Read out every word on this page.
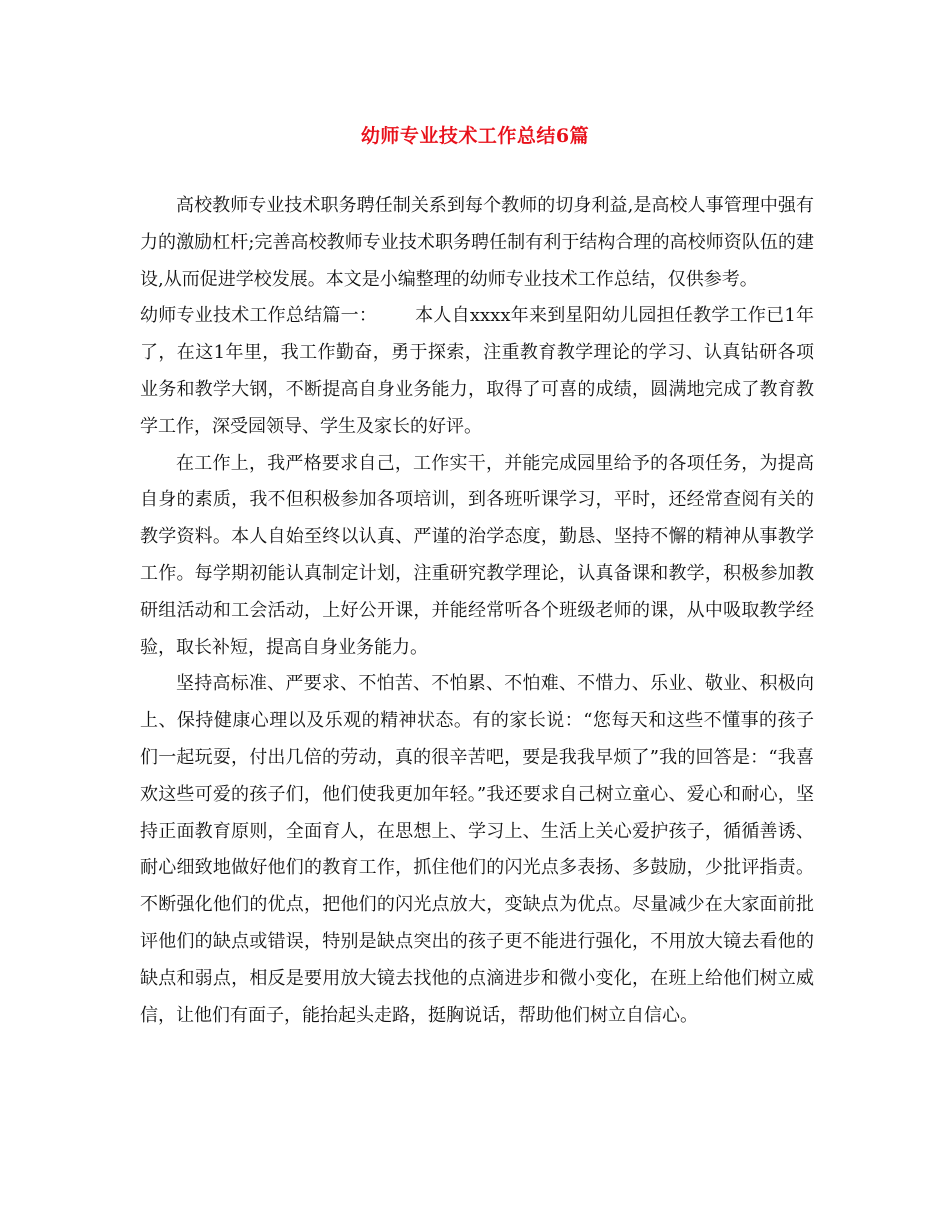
幼师专业技术工作总结6篇

高校教师专业技术职务聘任制关系到每个教师的切身利益,是高校人事管理中强有力的激励杠杆;完善高校教师专业技术职务聘任制有利于结构合理的高校师资队伍的建设,从而促进学校发展。本文是小编整理的幼师专业技术工作总结，仅供参考。

幼师专业技术工作总结篇一： 本人自xxxx年来到星阳幼儿园担任教学工作已1年了，在这1年里，我工作勤奋，勇于探索，注重教育教学理论的学习、认真钻研各项业务和教学大钢，不断提高自身业务能力，取得了可喜的成绩，圆满地完成了教育教学工作，深受园领导、学生及家长的好评。

在工作上，我严格要求自己，工作实干，并能完成园里给予的各项任务，为提高自身的素质，我不但积极参加各项培训，到各班听课学习，平时，还经常查阅有关的教学资料。本人自始至终以认真、严谨的治学态度，勤恳、坚持不懈的精神从事教学工作。每学期初能认真制定计划，注重研究教学理论，认真备课和教学，积极参加教研组活动和工会活动，上好公开课，并能经常听各个班级老师的课，从中吸取教学经验，取长补短，提高自身业务能力。

坚持高标准、严要求、不怕苦、不怕累、不怕难、不惜力、乐业、敬业、积极向上、保持健康心理以及乐观的精神状态。有的家长说：“您每天和这些不懂事的孩子们一起玩耍，付出几倍的劳动，真的很辛苦吧，要是我我早烦了”我的回答是：“我喜欢这些可爱的孩子们，他们使我更加年轻。”我还要求自己树立童心、爱心和耐心，坚持正面教育原则，全面育人，在思想上、学习上、生活上关心爱护孩子，循循善诱、耐心细致地做好他们的教育工作，抓住他们的闪光点多表扬、多鼓励，少批评指责。不断强化他们的优点，把他们的闪光点放大，变缺点为优点。尽量减少在大家面前批评他们的缺点或错误，特别是缺点突出的孩子更不能进行强化，不用放大镜去看他的缺点和弱点，相反是要用放大镜去找他的点滴进步和微小变化，在班上给他们树立威信，让他们有面子，能抬起头走路，挺胸说话，帮助他们树立自信心。
